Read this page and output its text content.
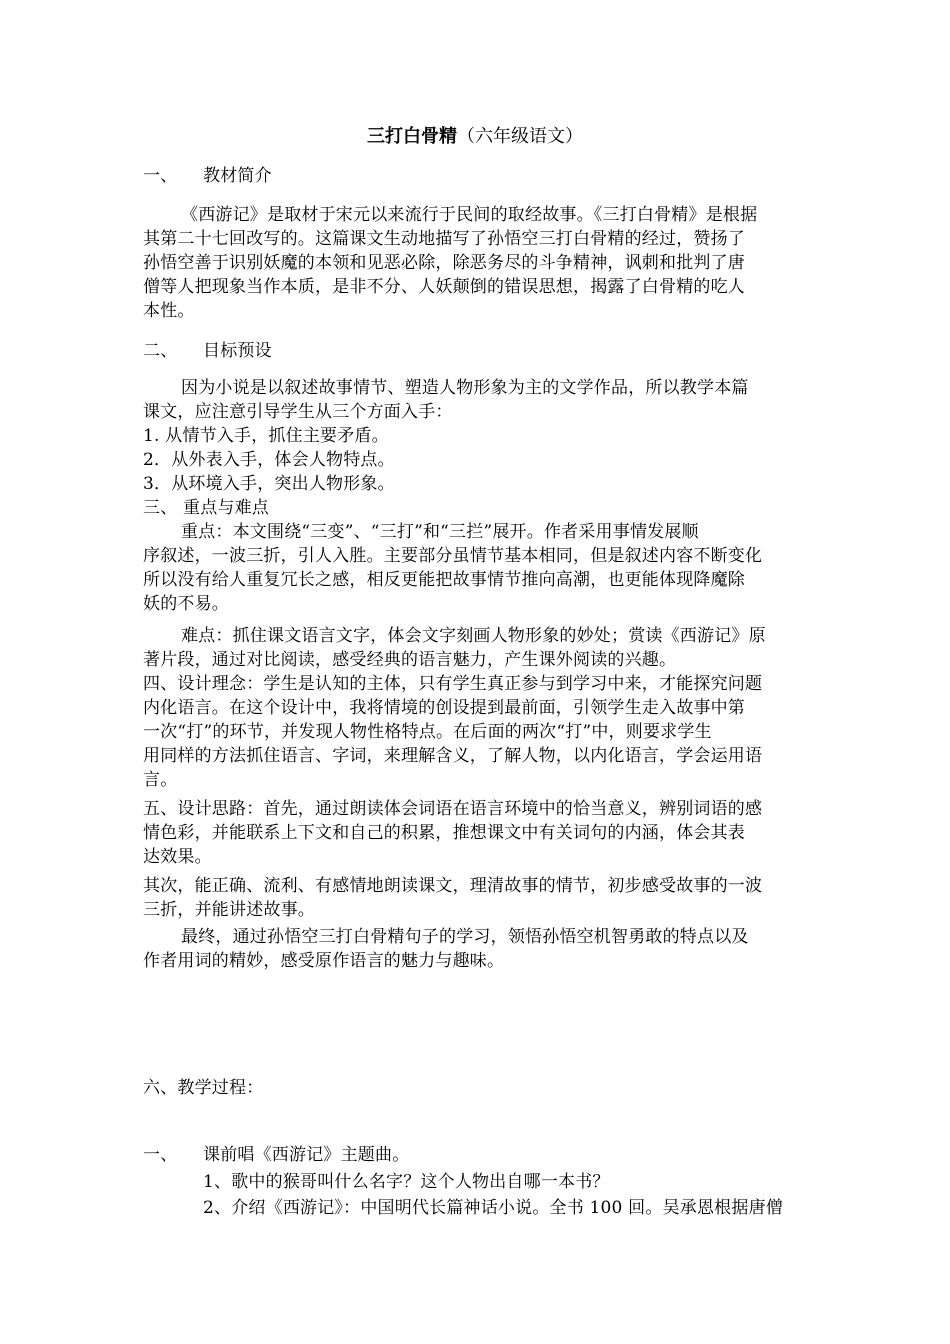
三打白骨精（六年级语文）
一、 教材简介
《西游记》是取材于宋元以来流行于民间的取经故事。《三打白骨精》是根据
其第二十七回改写的。这篇课文生动地描写了孙悟空三打白骨精的经过，赞扬了
孙悟空善于识别妖魔的本领和见恶必除，除恶务尽的斗争精神，讽刺和批判了唐
僧等人把现象当作本质，是非不分、人妖颠倒的错误思想，揭露了白骨精的吃人
本性。
二、 目标预设
因为小说是以叙述故事情节、塑造人物形象为主的文学作品，所以教学本篇
课文，应注意引导学生从三个方面入手：
1. 从情节入手，抓住主要矛盾。
2．从外表入手，体会人物特点。
3．从环境入手，突出人物形象。
三、 重点与难点
重点：本文围绕“三变”、“三打”和“三拦”展开。作者采用事情发展顺
序叙述，一波三折，引人入胜。主要部分虽情节基本相同，但是叙述内容不断变化
所以没有给人重复冗长之感，相反更能把故事情节推向高潮，也更能体现降魔除
妖的不易。
难点：抓住课文语言文字，体会文字刻画人物形象的妙处；赏读《西游记》原
著片段，通过对比阅读，感受经典的语言魅力，产生课外阅读的兴趣。
四、设计理念：学生是认知的主体，只有学生真正参与到学习中来，才能探究问题
内化语言。在这个设计中，我将情境的创设提到最前面，引领学生走入故事中第
一次“打”的环节，并发现人物性格特点。在后面的两次“打”中，则要求学生
用同样的方法抓住语言、字词，来理解含义，了解人物，以内化语言，学会运用语
言。
五、设计思路：首先，通过朗读体会词语在语言环境中的恰当意义，辨别词语的感
情色彩，并能联系上下文和自己的积累，推想课文中有关词句的内涵，体会其表
达效果。
其次，能正确、流利、有感情地朗读课文，理清故事的情节，初步感受故事的一波
三折，并能讲述故事。
最终，通过孙悟空三打白骨精句子的学习，领悟孙悟空机智勇敢的特点以及
作者用词的精妙，感受原作语言的魅力与趣味。
六、教学过程：
一、 课前唱《西游记》主题曲。
1、歌中的猴哥叫什么名字？这个人物出自哪一本书？
2、介绍《西游记》：中国明代长篇神话小说。全书 100 回。吴承恩根据唐僧
